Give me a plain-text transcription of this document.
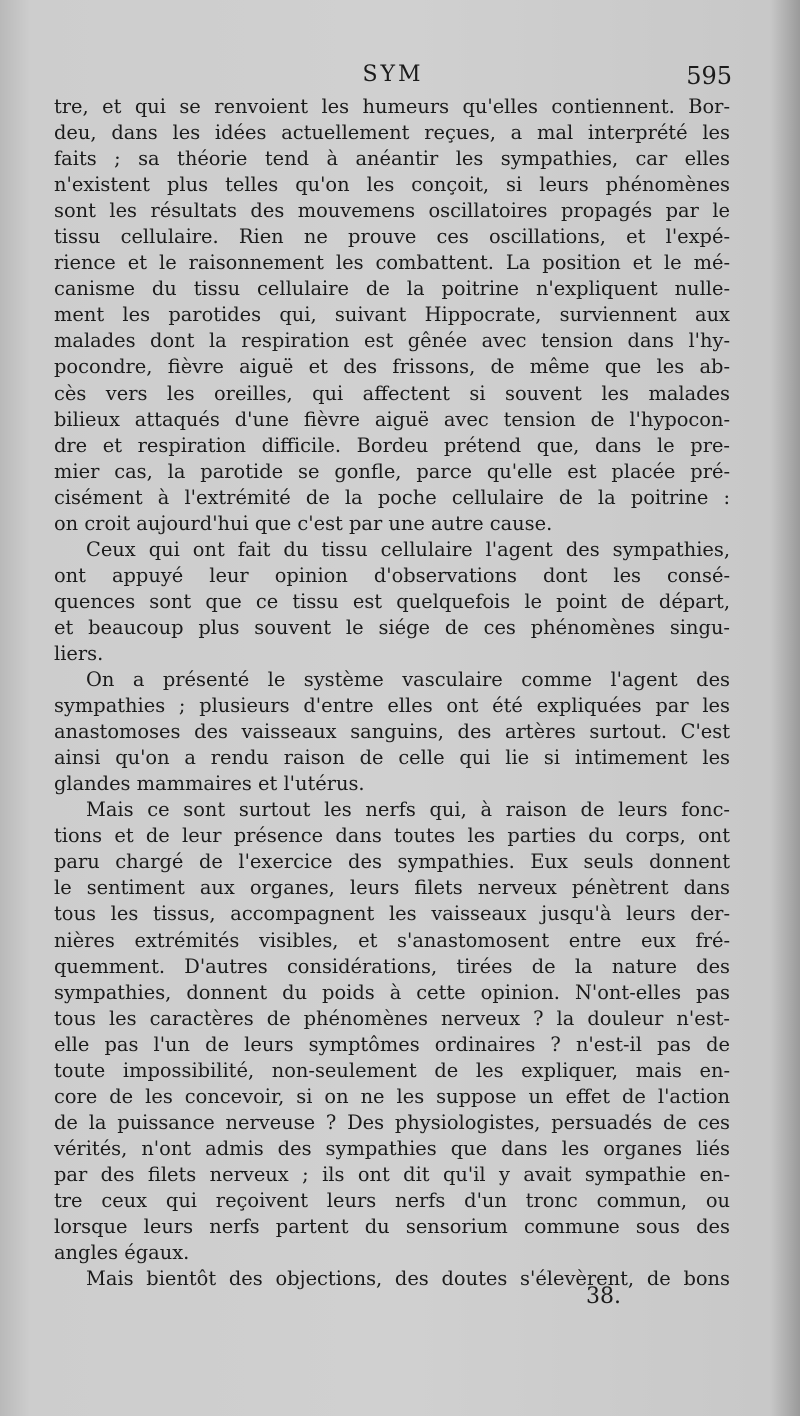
SYM	595
tre, et qui se renvoient les humeurs qu'elles contiennent. Bor-
deu, dans les idées actuellement reçues, a mal interprété les
faits ; sa théorie tend à anéantir les sympathies, car elles
n'existent plus telles qu'on les conçoit, si leurs phénomènes
sont les résultats des mouvemens oscillatoires propagés par le
tissu cellulaire. Rien ne prouve ces oscillations, et l'expé-
rience et le raisonnement les combattent. La position et le mé-
canisme du tissu cellulaire de la poitrine n'expliquent nulle-
ment les parotides qui, suivant Hippocrate, surviennent aux
malades dont la respiration est gênée avec tension dans l'hy-
pocondre, fièvre aiguë et des frissons, de même que les ab-
cès vers les oreilles, qui affectent si souvent les malades
bilieux attaqués d'une fièvre aiguë avec tension de l'hypocon-
dre et respiration difficile. Bordeu prétend que, dans le pre-
mier cas, la parotide se gonfle, parce qu'elle est placée pré-
cisément à l'extrémité de la poche cellulaire de la poitrine :
on croit aujourd'hui que c'est par une autre cause.
Ceux qui ont fait du tissu cellulaire l'agent des sympathies,
ont appuyé leur opinion d'observations dont les consé-
quences sont que ce tissu est quelquefois le point de départ,
et beaucoup plus souvent le siége de ces phénomènes singu-
liers.
On a présenté le système vasculaire comme l'agent des
sympathies ; plusieurs d'entre elles ont été expliquées par les
anastomoses des vaisseaux sanguins, des artères surtout. C'est
ainsi qu'on a rendu raison de celle qui lie si intimement les
glandes mammaires et l'utérus.
Mais ce sont surtout les nerfs qui, à raison de leurs fonc-
tions et de leur présence dans toutes les parties du corps, ont
paru chargé de l'exercice des sympathies. Eux seuls donnent
le sentiment aux organes, leurs filets nerveux pénètrent dans
tous les tissus, accompagnent les vaisseaux jusqu'à leurs der-
nières extrémités visibles, et s'anastomosent entre eux fré-
quemment. D'autres considérations, tirées de la nature des
sympathies, donnent du poids à cette opinion. N'ont-elles pas
tous les caractères de phénomènes nerveux ? la douleur n'est-
elle pas l'un de leurs symptômes ordinaires ? n'est-il pas de
toute impossibilité, non-seulement de les expliquer, mais en-
core de les concevoir, si on ne les suppose un effet de l'action
de la puissance nerveuse ? Des physiologistes, persuadés de ces
vérités, n'ont admis des sympathies que dans les organes liés
par des filets nerveux ; ils ont dit qu'il y avait sympathie en-
tre ceux qui reçoivent leurs nerfs d'un tronc commun, ou
lorsque leurs nerfs partent du sensorium commune sous des
angles égaux.
Mais bientôt des objections, des doutes s'élevèrent, de bons
38.
